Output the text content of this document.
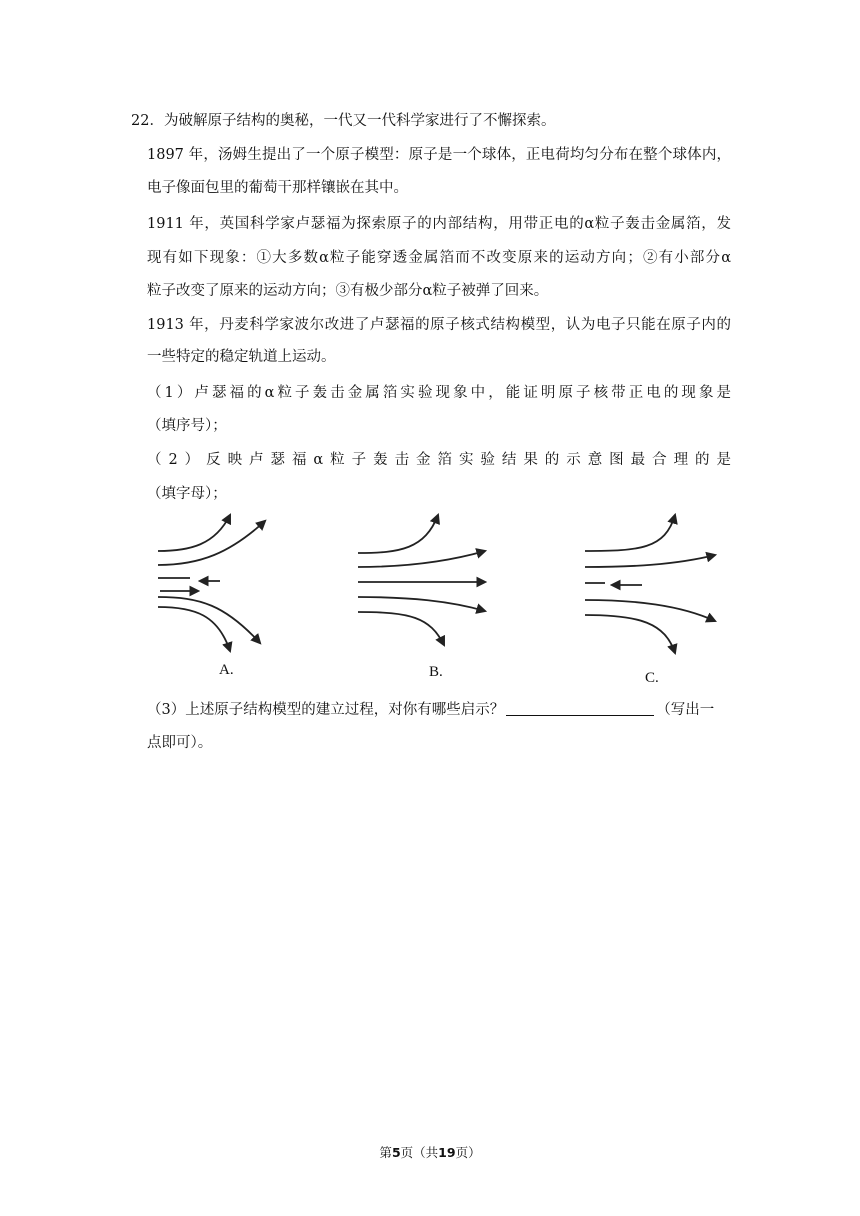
22．为破解原子结构的奥秘，一代又一代科学家进行了不懈探索。
1897 年，汤姆生提出了一个原子模型：原子是一个球体，正电荷均匀分布在整个球体内，
电子像面包里的葡萄干那样镶嵌在其中。
1911 年，英国科学家卢瑟福为探索原子的内部结构，用带正电的α粒子轰击金属箔，发
现有如下现象：①大多数α粒子能穿透金属箔而不改变原来的运动方向；②有小部分α
粒子改变了原来的运动方向；③有极少部分α粒子被弹了回来。
1913 年，丹麦科学家波尔改进了卢瑟福的原子核式结构模型，认为电子只能在原子内的
一些特定的稳定轨道上运动。
（1）卢瑟福的α粒子轰击金属箔实验现象中，能证明原子核带正电的现象是
（填序号）；
（2）反映卢瑟福α粒子轰击金箔实验结果的示意图最合理的是
（填字母）；
A.	B.	C.
（3）上述原子结构模型的建立过程，对你有哪些启示？	（写出一
点即可）。
第5页（共19页）
